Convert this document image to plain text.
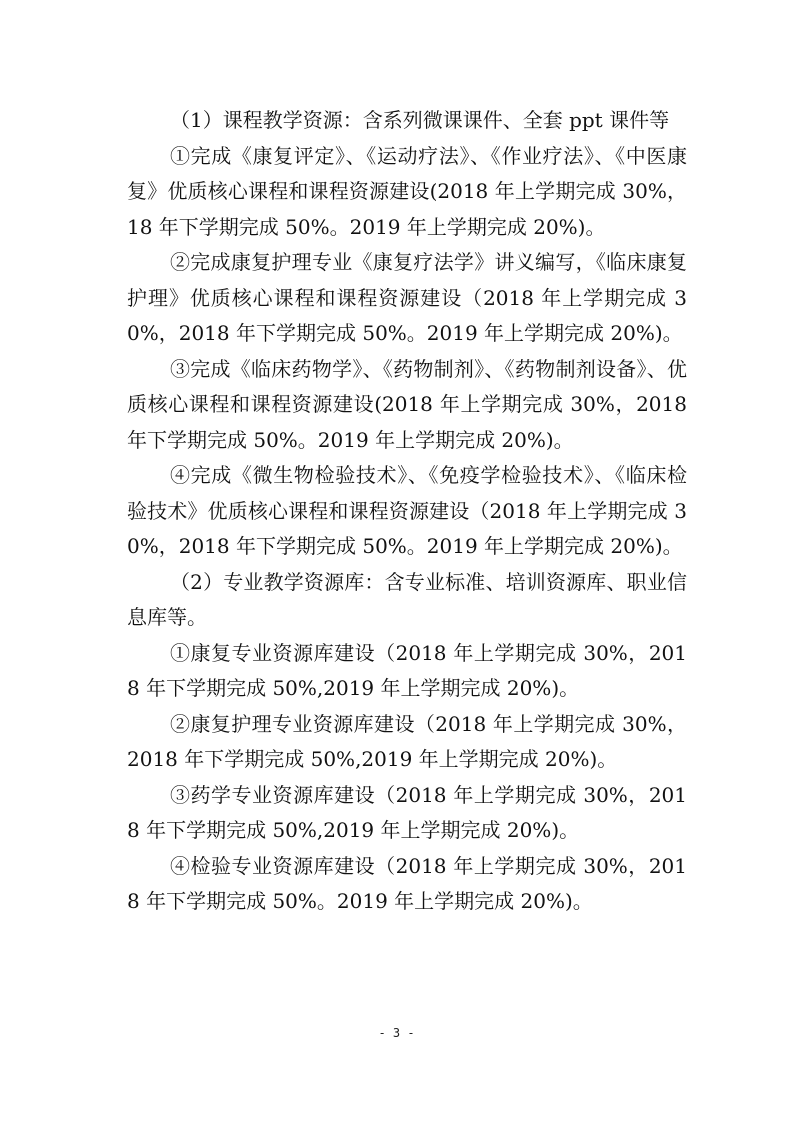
（1）课程教学资源：含系列微课课件、全套 ppt 课件等

①完成《康复评定》、《运动疗法》、《作业疗法》、《中医康复》优质核心课程和课程资源建设(2018 年上学期完成 30%，18 年下学期完成 50%。2019 年上学期完成 20%)。

②完成康复护理专业《康复疗法学》讲义编写，《临床康复护理》优质核心课程和课程资源建设（2018 年上学期完成 30%，2018 年下学期完成 50%。2019 年上学期完成 20%)。

③完成《临床药物学》、《药物制剂》、《药物制剂设备》、优质核心课程和课程资源建设(2018 年上学期完成 30%，2018 年下学期完成 50%。2019 年上学期完成 20%)。

④完成《微生物检验技术》、《免疫学检验技术》、《临床检验技术》优质核心课程和课程资源建设（2018 年上学期完成 30%，2018 年下学期完成 50%。2019 年上学期完成 20%)。

（2）专业教学资源库：含专业标准、培训资源库、职业信息库等。

①康复专业资源库建设（2018 年上学期完成 30%，2018 年下学期完成 50%,2019 年上学期完成 20%)。

②康复护理专业资源库建设（2018 年上学期完成 30%，2018 年下学期完成 50%,2019 年上学期完成 20%)。

③药学专业资源库建设（2018 年上学期完成 30%，2018 年下学期完成 50%,2019 年上学期完成 20%)。

④检验专业资源库建设（2018 年上学期完成 30%，2018 年下学期完成 50%。2019 年上学期完成 20%)。

- 3 -
